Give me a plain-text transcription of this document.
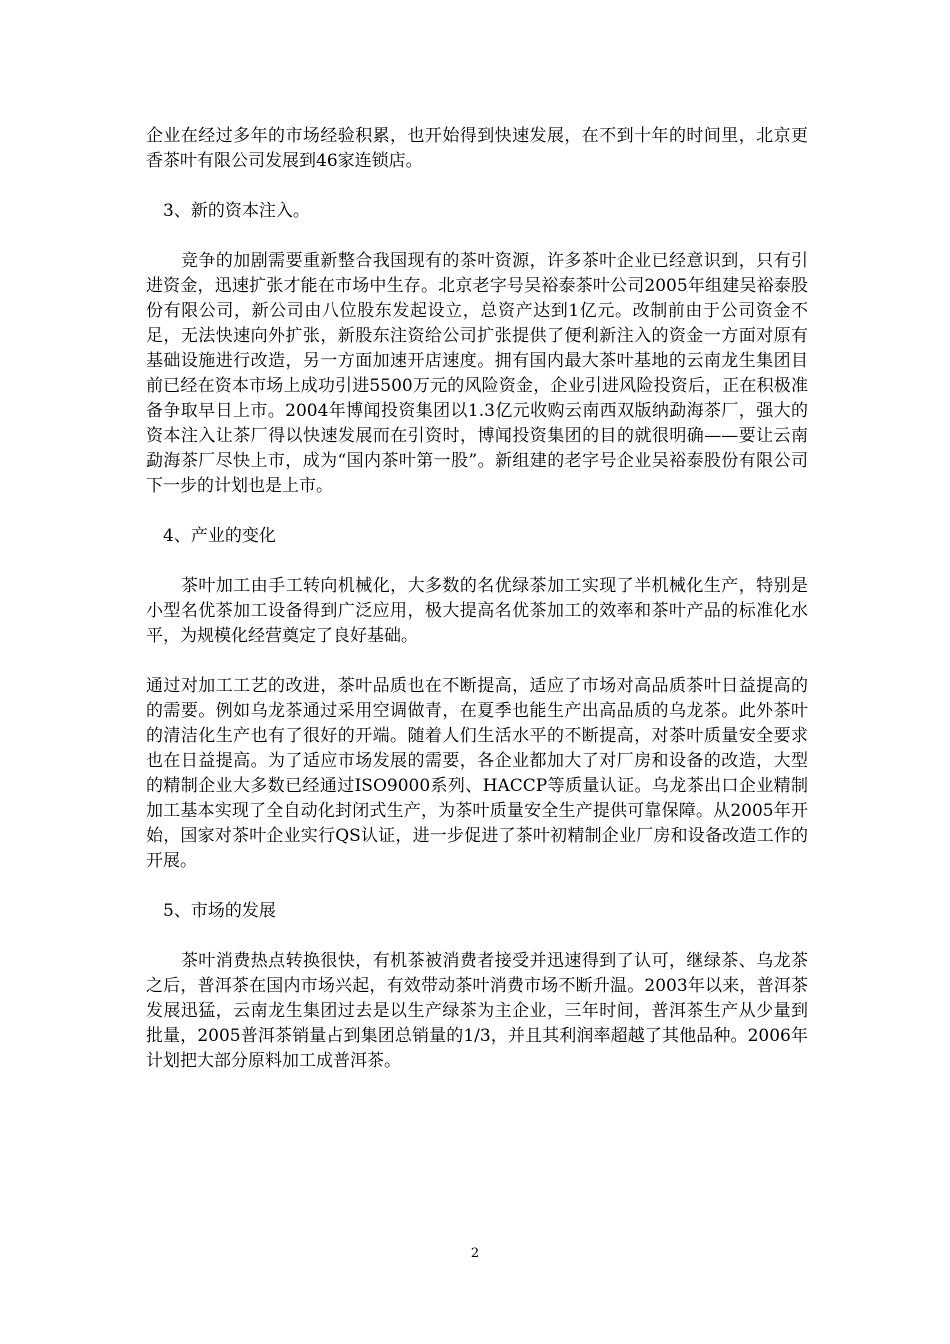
企业在经过多年的市场经验积累，也开始得到快速发展，在不到十年的时间里，北京更香茶叶有限公司发展到46家连锁店。

3、新的资本注入。

竞争的加剧需要重新整合我国现有的茶叶资源，许多茶叶企业已经意识到，只有引进资金，迅速扩张才能在市场中生存。北京老字号吴裕泰茶叶公司2005年组建吴裕泰股份有限公司，新公司由八位股东发起设立，总资产达到1亿元。改制前由于公司资金不足，无法快速向外扩张，新股东注资给公司扩张提供了便利新注入的资金一方面对原有基础设施进行改造，另一方面加速开店速度。拥有国内最大茶叶基地的云南龙生集团目前已经在资本市场上成功引进5500万元的风险资金，企业引进风险投资后，正在积极准备争取早日上市。2004年博闻投资集团以1.3亿元收购云南西双版纳勐海茶厂，强大的资本注入让茶厂得以快速发展而在引资时，博闻投资集团的目的就很明确——要让云南勐海茶厂尽快上市，成为“国内茶叶第一股”。新组建的老字号企业吴裕泰股份有限公司下一步的计划也是上市。

4、产业的变化

茶叶加工由手工转向机械化，大多数的名优绿茶加工实现了半机械化生产，特别是小型名优茶加工设备得到广泛应用，极大提高名优茶加工的效率和茶叶产品的标准化水平，为规模化经营奠定了良好基础。

通过对加工工艺的改进，茶叶品质也在不断提高，适应了市场对高品质茶叶日益提高的的需要。例如乌龙茶通过采用空调做青，在夏季也能生产出高品质的乌龙茶。此外茶叶的清洁化生产也有了很好的开端。随着人们生活水平的不断提高，对茶叶质量安全要求也在日益提高。为了适应市场发展的需要，各企业都加大了对厂房和设备的改造，大型的精制企业大多数已经通过ISO9000系列、HACCP等质量认证。乌龙茶出口企业精制加工基本实现了全自动化封闭式生产，为茶叶质量安全生产提供可靠保障。从2005年开始，国家对茶叶企业实行QS认证，进一步促进了茶叶初精制企业厂房和设备改造工作的开展。

5、市场的发展

茶叶消费热点转换很快，有机茶被消费者接受并迅速得到了认可，继绿茶、乌龙茶之后，普洱茶在国内市场兴起，有效带动茶叶消费市场不断升温。2003年以来，普洱茶发展迅猛，云南龙生集团过去是以生产绿茶为主企业，三年时间，普洱茶生产从少量到批量，2005普洱茶销量占到集团总销量的1/3，并且其利润率超越了其他品种。2006年计划把大部分原料加工成普洱茶。

2
